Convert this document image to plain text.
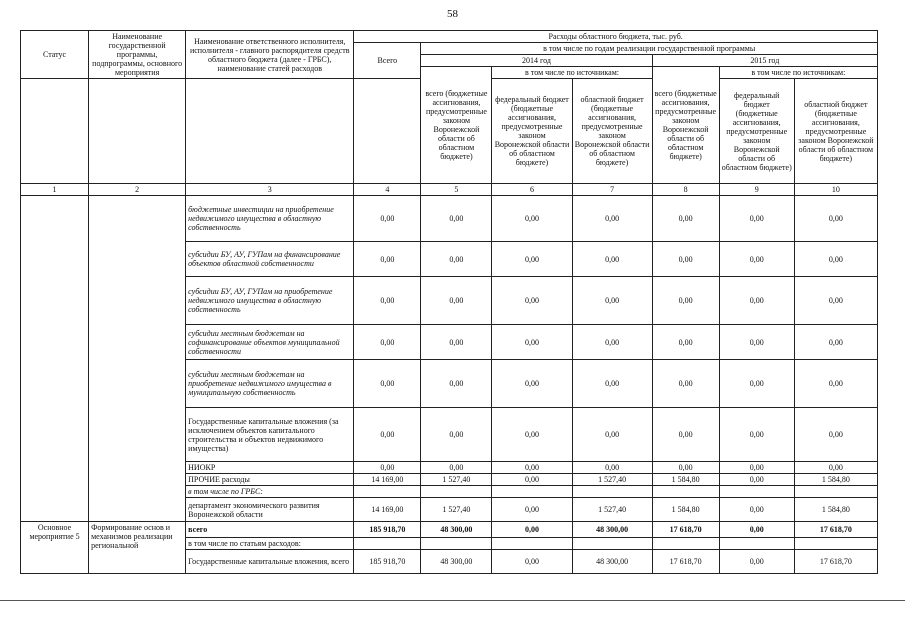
58
Статус	Наименование государственной программы, подпрограммы, основного мероприятия	Наименование ответственного исполнителя, исполнителя - главного распорядителя средств областного бюджета (далее - ГРБС), наименование статей расходов	Расходы областного бюджета, тыс. руб.						
			Всего	в том числе по годам реализации государственной программы					
				2014 год			2015 год		
				всего (бюджетные ассигнования, предусмотренные законом Воронежской области об областном бюджете)	в том числе по источникам:		всего (бюджетные ассигнования, предусмотренные законом Воронежской области об областном бюджете)	в том числе по источникам:	
					федеральный бюджет (бюджетные ассигнования, предусмотренные законом Воронежской области об областном бюджете)	областной бюджет (бюджетные ассигнования, предусмотренные законом Воронежской области об областном бюджете)		федеральный бюджет (бюджетные ассигнования, предусмотренные законом Воронежской области об областном бюджете)	областной бюджет (бюджетные ассигнования, предусмотренные законом Воронежской области об областном бюджете)
1	2	3	4	5	6	7	8	9	10
		бюджетные инвестиции на приобретение недвижимого имущества в областную собственность	0,00	0,00	0,00	0,00	0,00	0,00	0,00
		субсидии БУ, АУ, ГУПам на финансирование объектов областной собственности	0,00	0,00	0,00	0,00	0,00	0,00	0,00
		субсидии БУ, АУ, ГУПам на приобретение недвижимого имущества в областную собственность	0,00	0,00	0,00	0,00	0,00	0,00	0,00
		субсидии местным бюджетам на софинансирование объектов муниципальной собственности	0,00	0,00	0,00	0,00	0,00	0,00	0,00
		субсидии местным бюджетам на приобретение недвижимого имущества в муниципальную собственность	0,00	0,00	0,00	0,00	0,00	0,00	0,00
		Государственные капитальные вложения (за исключением объектов капитального строительства и объектов недвижимого имущества)	0,00	0,00	0,00	0,00	0,00	0,00	0,00
		НИОКР	0,00	0,00	0,00	0,00	0,00	0,00	0,00
		ПРОЧИЕ расходы	14 169,00	1 527,40	0,00	1 527,40	1 584,80	0,00	1 584,80
		в том числе по ГРБС:							
		департамент экономического развития Воронежской области	14 169,00	1 527,40	0,00	1 527,40	1 584,80	0,00	1 584,80
Основное мероприятие 5	Формирование основ и механизмов реализации региональной	всего	185 918,70	48 300,00	0,00	48 300,00	17 618,70	0,00	17 618,70
		в том числе по статьям расходов:							
		Государственные капитальные вложения, всего	185 918,70	48 300,00	0,00	48 300,00	17 618,70	0,00	17 618,70
